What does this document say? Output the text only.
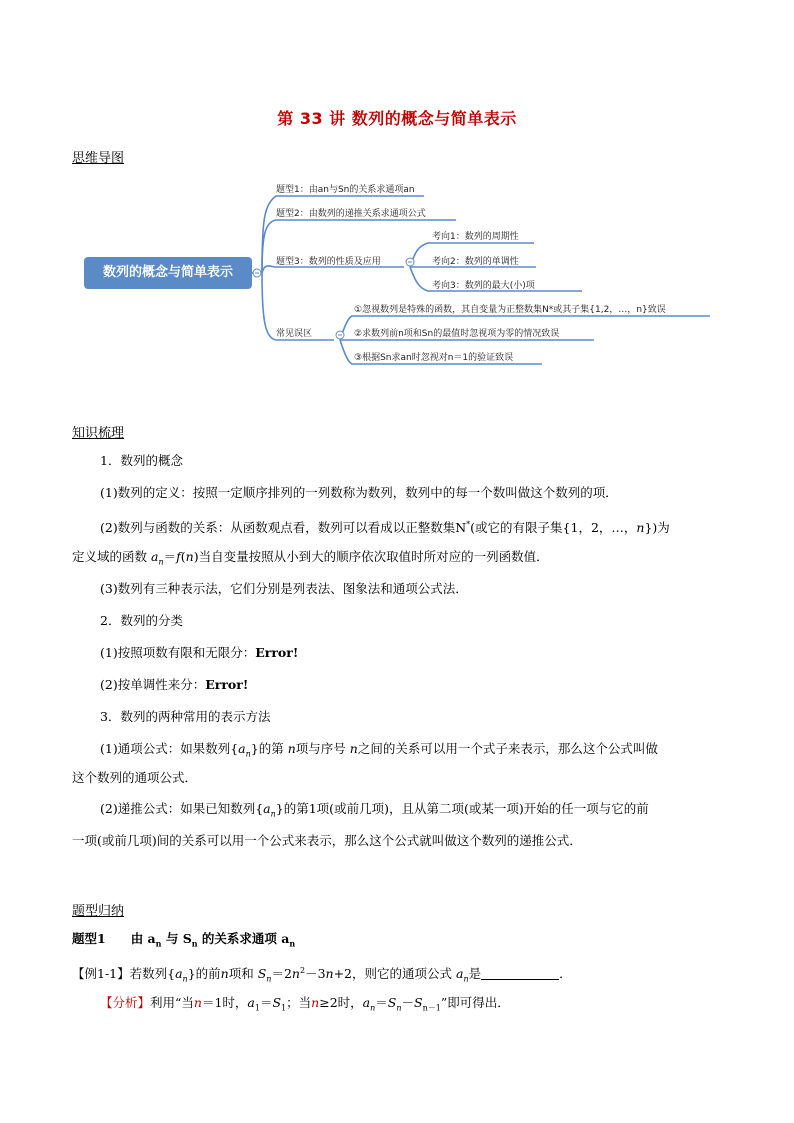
第 33 讲 数列的概念与简单表示
思维导图
题型1：由an与Sn的关系求通项an
题型2：由数列的递推关系求通项公式
题型3：数列的性质及应用
常见误区
考向1：数列的周期性
考向2：数列的单调性
考向3：数列的最大(小)项
①忽视数列是特殊的函数，其自变量为正整数集N*或其子集{1,2，…，n}致误
②求数列前n项和Sn的最值时忽视项为零的情况致误
③根据Sn求an时忽视对n＝1的验证致误
数列的概念与简单表示
知识梳理
1．数列的概念
(1)数列的定义：按照一定顺序排列的一列数称为数列，数列中的每一个数叫做这个数列的项．
(2)数列与函数的关系：从函数观点看，数列可以看成以正整数集N*(或它的有限子集{1，2，…，n})为
定义域的函数 $a_n=f(n)$当自变量按照从小到大的顺序依次取值时所对应的一列函数值．
(3)数列有三种表示法，它们分别是列表法、图象法和通项公式法．
2．数列的分类
(1)按照项数有限和无限分：Error!
(2)按单调性来分：Error!
3．数列的两种常用的表示方法
(1)通项公式：如果数列$\{a_n\}$的第 n项与序号 n之间的关系可以用一个式子来表示，那么这个公式叫做
这个数列的通项公式．
(2)递推公式：如果已知数列$\{a_n\}$的第1项(或前几项)，且从第二项(或某一项)开始的任一项与它的前
一项(或前几项)间的关系可以用一个公式来表示，那么这个公式就叫做这个数列的递推公式．
题型归纳
题型1　　由 $a_n$ 与 $S_n$ 的关系求通项 $a_n$
【例1-1】若数列$\{a_n\}$的前n项和 $S_n=2n^2-3n+2$，则它的通项公式 $a_n$是	．
【分析】利用“当n＝1时，$a_1=S_1$；当n≥2时，$a_n=S_n-S_{n-1}$”即可得出．
